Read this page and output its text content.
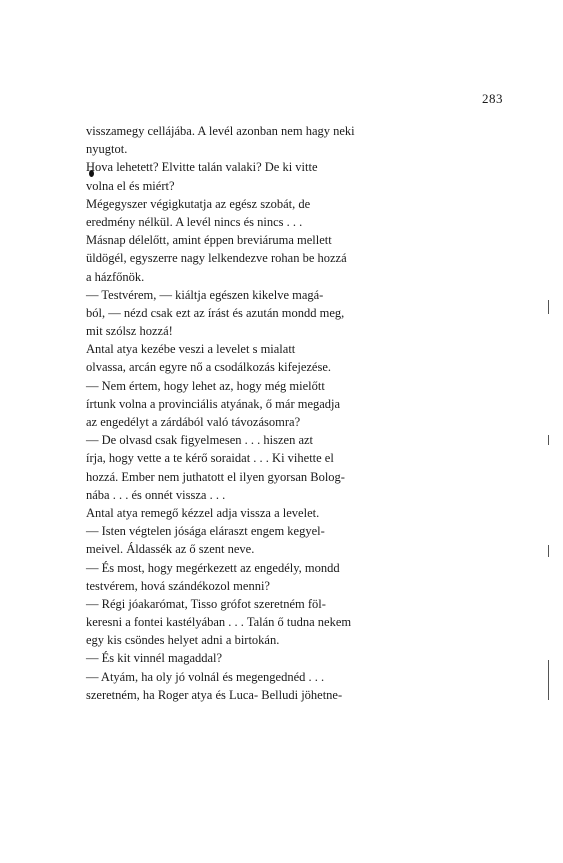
283
visszamegy cellájába. A levél azonban nem hagy neki
nyugtot.
Hova lehetett? Elvitte talán valaki? De ki vitte
volna el és miért?
Mégegyszer végigkutatja az egész szobát, de
eredmény nélkül. A levél nincs és nincs . . .
Másnap délelőtt, amint éppen breviáruma mellett
üldögél, egyszerre nagy lelkendezve rohan be hozzá
a házfőnök.
— Testvérem, — kiáltja egészen kikelve magá-
ból, — nézd csak ezt az írást és azután mondd meg,
mit szólsz hozzá!
Antal atya kezébe veszi a levelet s mialatt
olvassa, arcán egyre nő a csodálkozás kifejezése.
— Nem értem, hogy lehet az, hogy még mielőtt
írtunk volna a provinciális atyának, ő már megadja
az engedélyt a zárdából való távozásomra?
— De olvasd csak figyelmesen . . . hiszen azt
írja, hogy vette a te kérő soraidat . . . Ki vihette el
hozzá. Ember nem juthatott el ilyen gyorsan Bolog-
nába . . . és onnét vissza . . .
Antal atya remegő kézzel adja vissza a levelet.
— Isten végtelen jósága eláraszt engem kegyel-
meivel. Áldassék az ő szent neve.
— És most, hogy megérkezett az engedély, mondd
testvérem, hová szándékozol menni?
— Régi jóakarómat, Tisso grófot szeretném föl-
keresni a fontei kastélyában . . . Talán ő tudna nekem
egy kis csöndes helyet adni a birtokán.
— És kit vinnél magaddal?
— Atyám, ha oly jó volnál és megengednéd . . .
szeretném, ha Roger atya és Luca- Belludi jöhetne-
